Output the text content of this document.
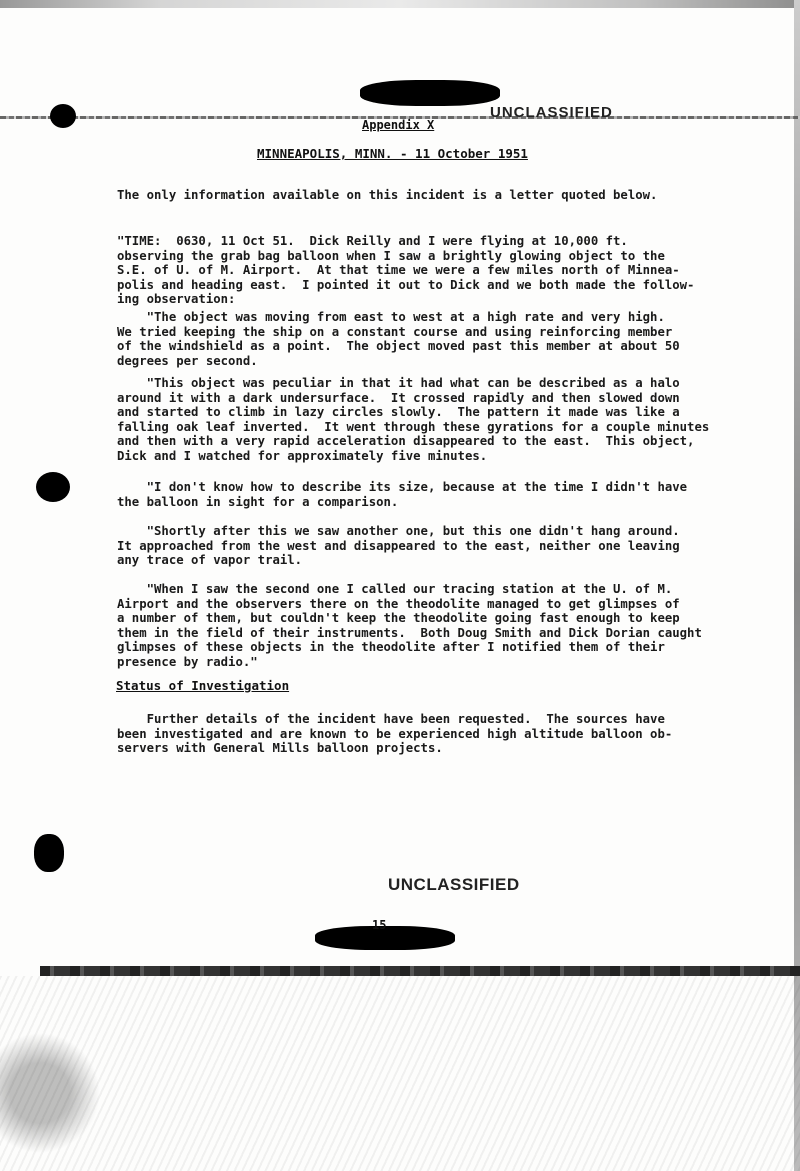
UNCLASSIFIED
Appendix X
MINNEAPOLIS, MINN. - 11 October 1951
The only information available on this incident is a letter quoted below.
"TIME:  0630, 11 Oct 51.  Dick Reilly and I were flying at 10,000 ft.
observing the grab bag balloon when I saw a brightly glowing object to the
S.E. of U. of M. Airport.  At that time we were a few miles north of Minnea-
polis and heading east.  I pointed it out to Dick and we both made the follow-
ing observation:
"The object was moving from east to west at a high rate and very high.
We tried keeping the ship on a constant course and using reinforcing member
of the windshield as a point.  The object moved past this member at about 50
degrees per second.
"This object was peculiar in that it had what can be described as a halo
around it with a dark undersurface.  It crossed rapidly and then slowed down
and started to climb in lazy circles slowly.  The pattern it made was like a
falling oak leaf inverted.  It went through these gyrations for a couple minutes
and then with a very rapid acceleration disappeared to the east.  This object,
Dick and I watched for approximately five minutes.
"I don't know how to describe its size, because at the time I didn't have
the balloon in sight for a comparison.
"Shortly after this we saw another one, but this one didn't hang around.
It approached from the west and disappeared to the east, neither one leaving
any trace of vapor trail.
"When I saw the second one I called our tracing station at the U. of M.
Airport and the observers there on the theodolite managed to get glimpses of
a number of them, but couldn't keep the theodolite going fast enough to keep
them in the field of their instruments.  Both Doug Smith and Dick Dorian caught
glimpses of these objects in the theodolite after I notified them of their
presence by radio."
Status of Investigation
Further details of the incident have been requested.  The sources have
been investigated and are known to be experienced high altitude balloon ob-
servers with General Mills balloon projects.
UNCLASSIFIED
15
